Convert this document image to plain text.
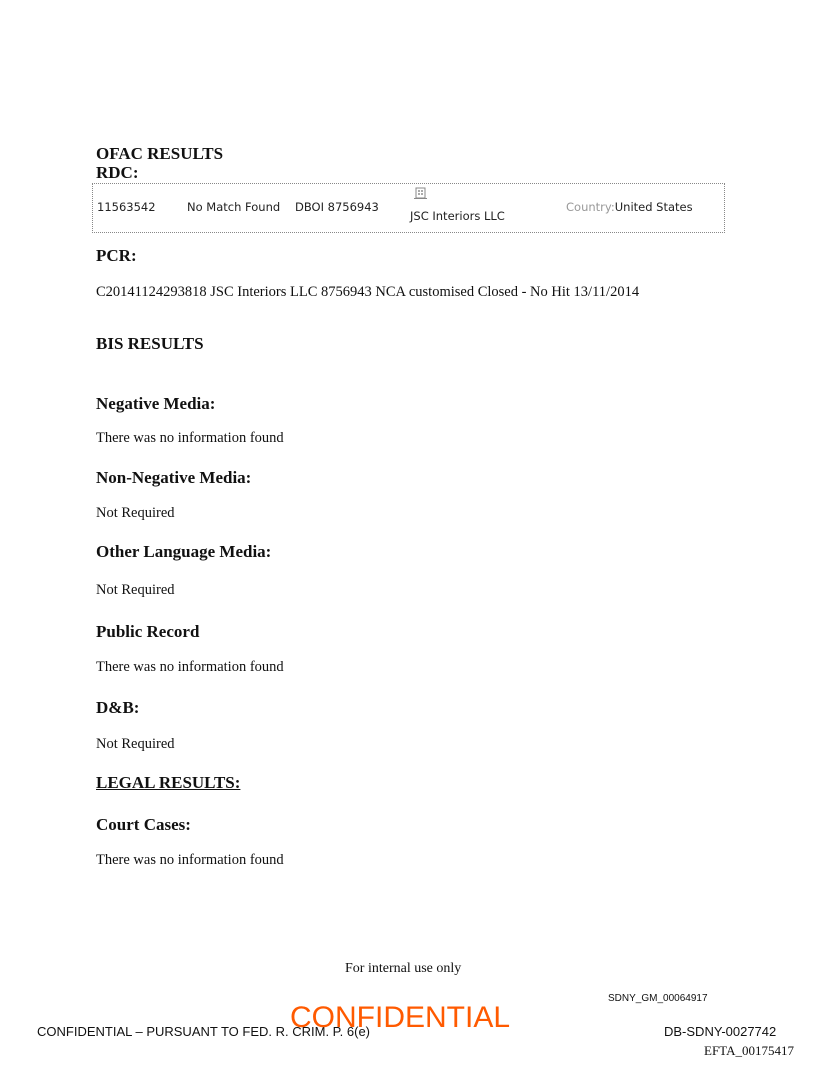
OFAC RESULTS
RDC:
11563542	No Match Found DBOI 8756943
JSC Interiors LLC
Country:United States
PCR:
C20141124293818 JSC Interiors LLC 8756943 NCA customised Closed - No Hit 13/11/2014
BIS RESULTS
Negative Media:
There was no information found
Non-Negative Media:
Not Required
Other Language Media:
Not Required
Public Record
There was no information found
D&B:
Not Required
LEGAL RESULTS:
Court Cases:
There was no information found
For internal use only
SDNY_GM_00064917
CONFIDENTIAL – PURSUANT TO FED. R. CRIM. P. 6(e)
CONFIDENTIAL	DB-SDNY-0027742
EFTA_00175417
